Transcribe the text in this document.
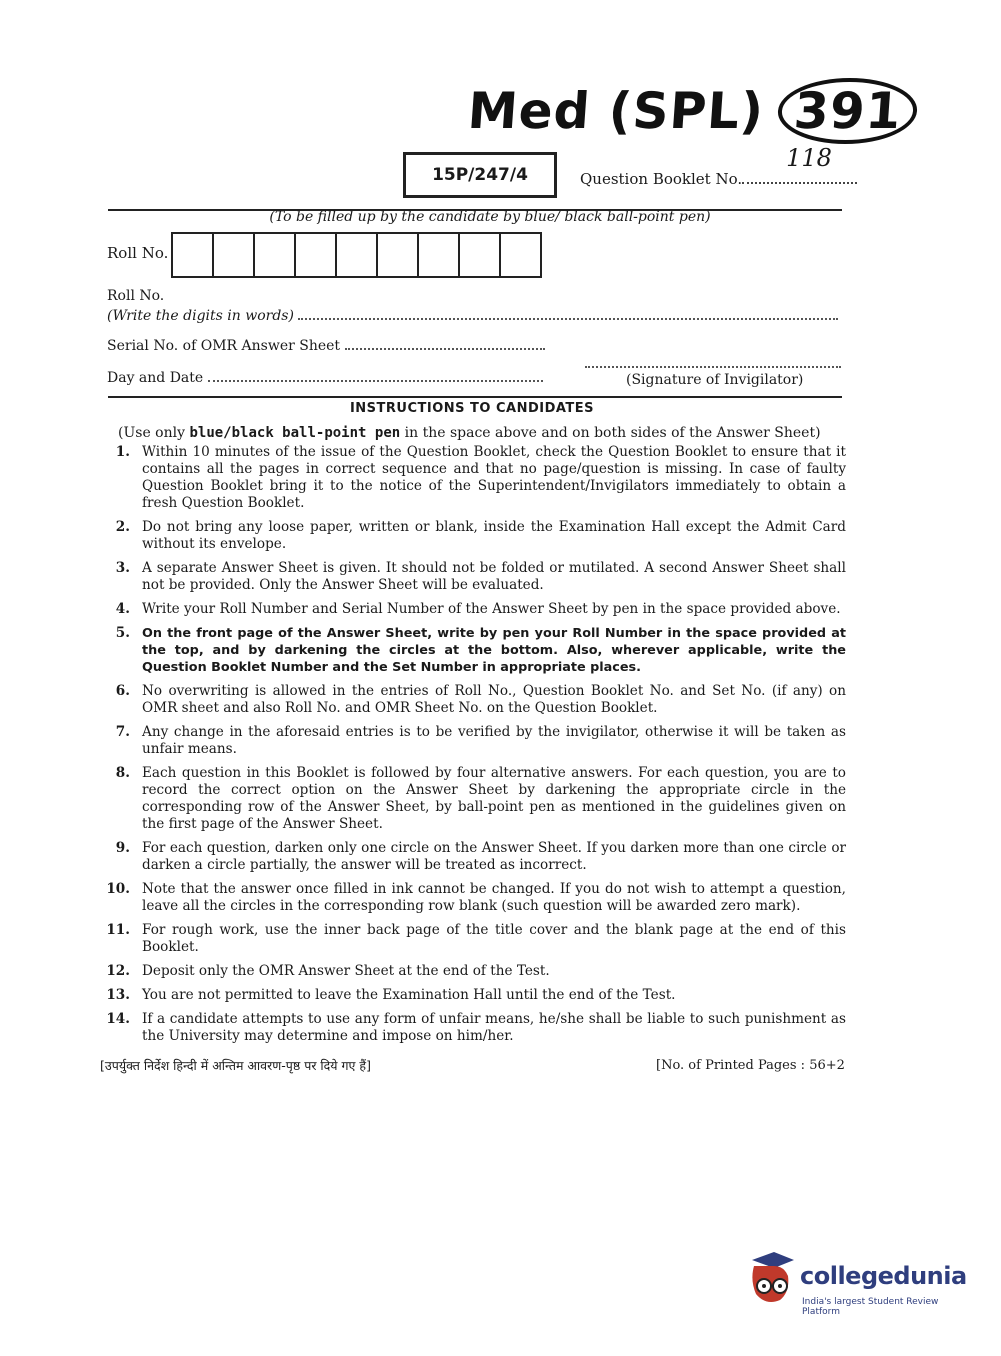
Med (SPL) 391
15P/247/4	Question Booklet No.
118
(To be filled up by the candidate by blue/ black ball-point pen)
Roll No.
Roll No.
(Write the digits in words)
Serial No. of OMR Answer Sheet
Day and Date	(Signature of Invigilator)
INSTRUCTIONS TO CANDIDATES
(Use only blue/black ball-point pen in the space above and on both sides of the Answer Sheet)
1. Within 10 minutes of the issue of the Question Booklet, check the Question Booklet to ensure that it contains all the pages in correct sequence and that no page/question is missing. In case of faulty Question Booklet bring it to the notice of the Superintendent/Invigilators immediately to obtain a fresh Question Booklet.
2. Do not bring any loose paper, written or blank, inside the Examination Hall except the Admit Card without its envelope.
3. A separate Answer Sheet is given. It should not be folded or mutilated. A second Answer Sheet shall not be provided. Only the Answer Sheet will be evaluated.
4. Write your Roll Number and Serial Number of the Answer Sheet by pen in the space provided above.
5. On the front page of the Answer Sheet, write by pen your Roll Number in the space provided at the top, and by darkening the circles at the bottom. Also, wherever applicable, write the Question Booklet Number and the Set Number in appropriate places.
6. No overwriting is allowed in the entries of Roll No., Question Booklet No. and Set No. (if any) on OMR sheet and also Roll No. and OMR Sheet No. on the Question Booklet.
7. Any change in the aforesaid entries is to be verified by the invigilator, otherwise it will be taken as unfair means.
8. Each question in this Booklet is followed by four alternative answers. For each question, you are to record the correct option on the Answer Sheet by darkening the appropriate circle in the corresponding row of the Answer Sheet, by ball-point pen as mentioned in the guidelines given on the first page of the Answer Sheet.
9. For each question, darken only one circle on the Answer Sheet. If you darken more than one circle or darken a circle partially, the answer will be treated as incorrect.
10. Note that the answer once filled in ink cannot be changed. If you do not wish to attempt a question, leave all the circles in the corresponding row blank (such question will be awarded zero mark).
11. For rough work, use the inner back page of the title cover and the blank page at the end of this Booklet.
12. Deposit only the OMR Answer Sheet at the end of the Test.
13. You are not permitted to leave the Examination Hall until the end of the Test.
14. If a candidate attempts to use any form of unfair means, he/she shall be liable to such punishment as the University may determine and impose on him/her.
[उपर्युक्त निर्देश हिन्दी में अन्तिम आवरण-पृष्ठ पर दिये गए हैं]	[No. of Printed Pages : 56+2
collegedunia
India's largest Student Review Platform
